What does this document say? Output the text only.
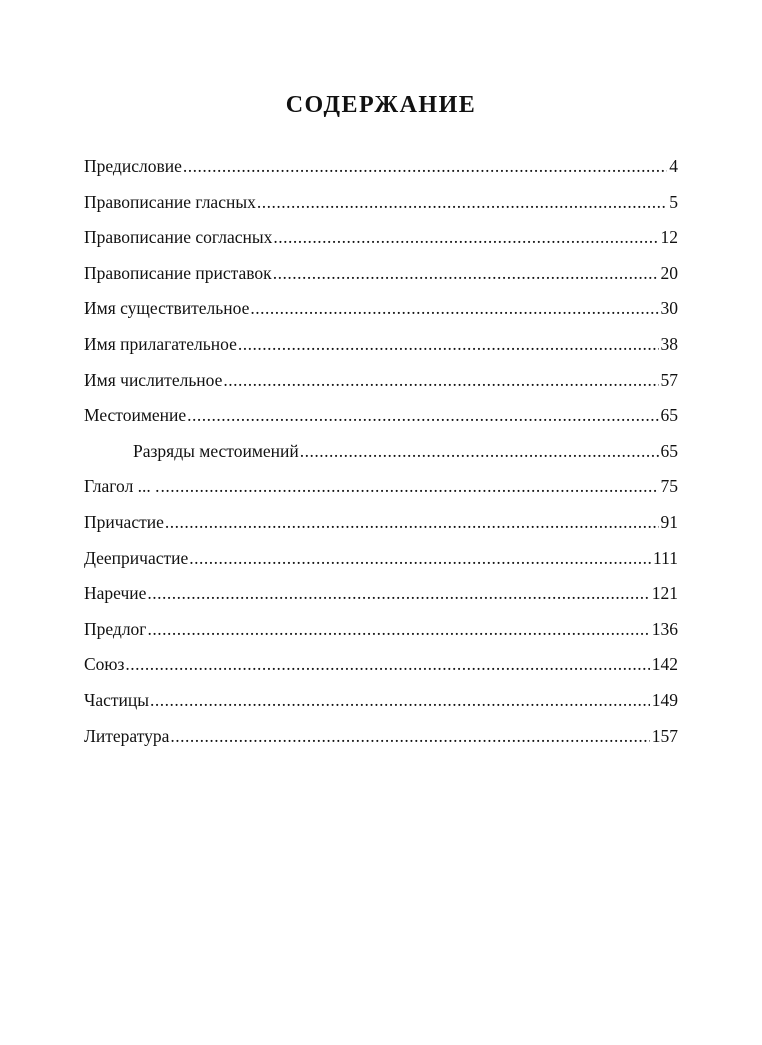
СОДЕРЖАНИЕ
Предисловие .....	4
Правописание гласных .....	5
Правописание согласных .....	12
Правописание приставок .....	20
Имя существительное .....	30
Имя прилагательное .....	38
Имя числительное .....	57
Местоимение .....	65
Разряды местоимений .....	65
Глагол ... . .....	75
Причастие .....	91
Деепричастие .....	111
Наречие .....	121
Предлог .....	136
Союз .....	142
Частицы .....	149
Литература .....	157
